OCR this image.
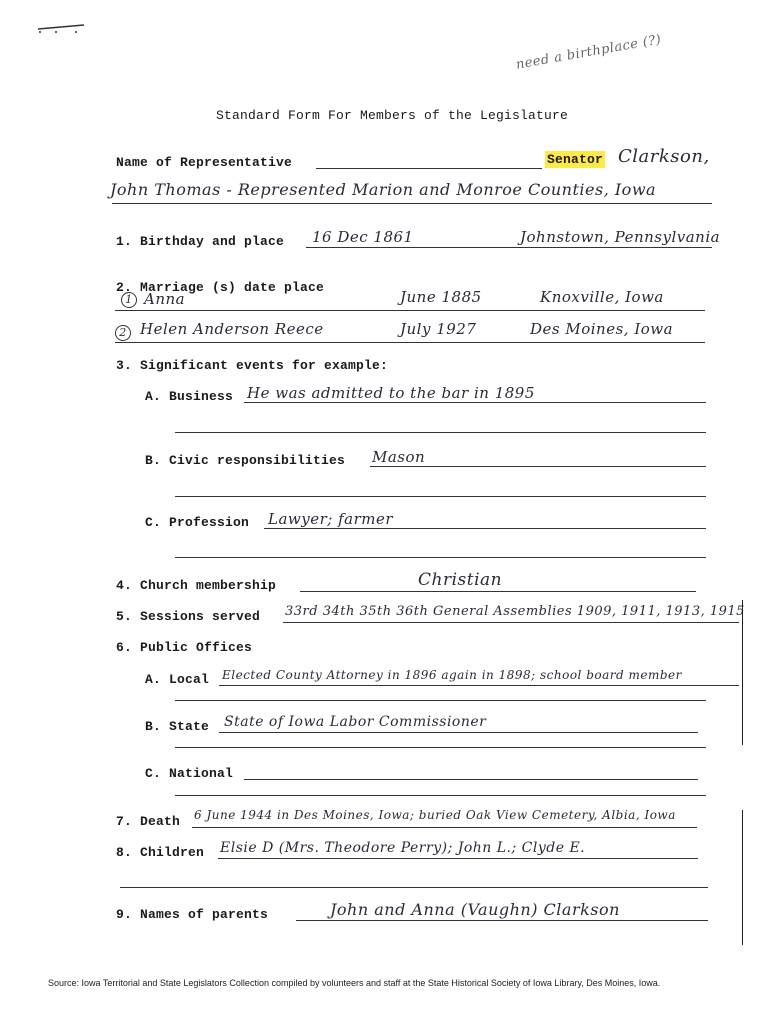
need a birthplace (?)
Standard Form For Members of the Legislature
Name of Representative	Senator Clarkson,
John Thomas - Represented Marion and Monroe Counties, Iowa
1. Birthday and place 16 Dec 1861	Johnstown, Pennsylvania
2. Marriage (s) date place
1 Anna	June 1885	Knoxville, Iowa
2 Helen Anderson Reece	July 1927	Des Moines, Iowa
3. Significant events for example:
A. Business He was admitted to the bar in 1895
B. Civic responsibilities Mason
C. Profession Lawyer; farmer
4. Church membership	Christian
5. Sessions served 33rd 34th 35th 36th General Assemblies 1909, 1911, 1913, 1915
6. Public Offices
A. Local Elected County Attorney in 1896 again in 1898; school board member
B. State State of Iowa Labor Commissioner
C. National
7. Death 6 June 1944 in Des Moines, Iowa; buried Oak View Cemetery, Albia, Iowa
8. Children Elsie D (Mrs. Theodore Perry); John L.; Clyde E.
9. Names of parents	John and Anna (Vaughn) Clarkson
Source: Iowa Territorial and State Legislators Collection compiled by volunteers and staff at the State Historical Society of Iowa Library, Des Moines, Iowa.
